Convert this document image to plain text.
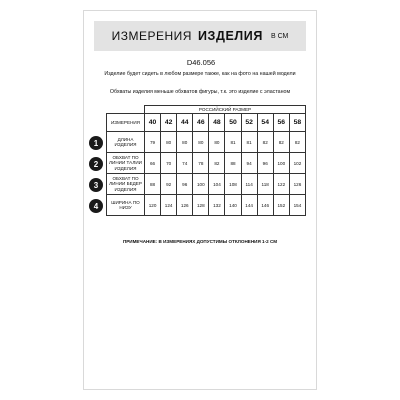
ИЗМЕРЕНИЯ ИЗДЕЛИЯ В СМ
D46.056
Изделие будет сидеть в любом размере также, как на фото на нашей модели
Обхваты изделия меньше обхватов фигуры, т.к. это изделие с эластаном
	РОССИЙСКИЙ РАЗМЕР									
ИЗМЕРЕНИЯ	40	42	44	46	48	50	52	54	56	58
ДЛИНА ИЗДЕЛИЯ	79	80	80	80	80	81	81	82	82	82
ОБХВАТ ПО ЛИНИИ ТАЛИИ ИЗДЕЛИЯ	66	70	74	78	82	88	94	96	100	102
ОБХВАТ ПО ЛИНИИ БЕДЕР ИЗДЕЛИЯ	88	92	96	100	104	108	114	118	122	126
ШИРИНА ПО НИЗУ	120	124	126	128	132	140	144	146	152	154
ПРИМЕЧАНИЕ: В ИЗМЕРЕНИЯХ ДОПУСТИМЫ ОТКЛОНЕНИЯ 1-2 СМ
1
2
3
4
